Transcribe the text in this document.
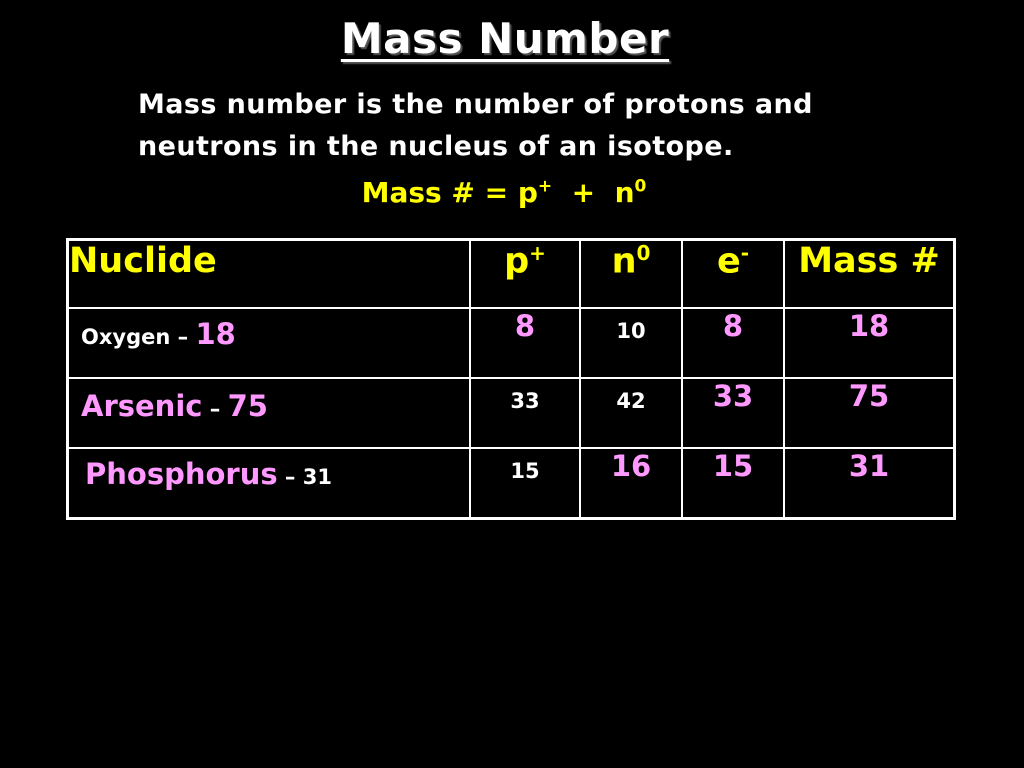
Mass Number
Mass number is the number of protons and
neutrons in the nucleus of an isotope.
Mass # = $p^+ + n^0$
Nuclide	p+	$n^0$	e-	Mass #

Oxygen – 18	8	10	8	18

Arsenic – 75	33	42	33	75

Phosphorus – 31	15	16	15	31
